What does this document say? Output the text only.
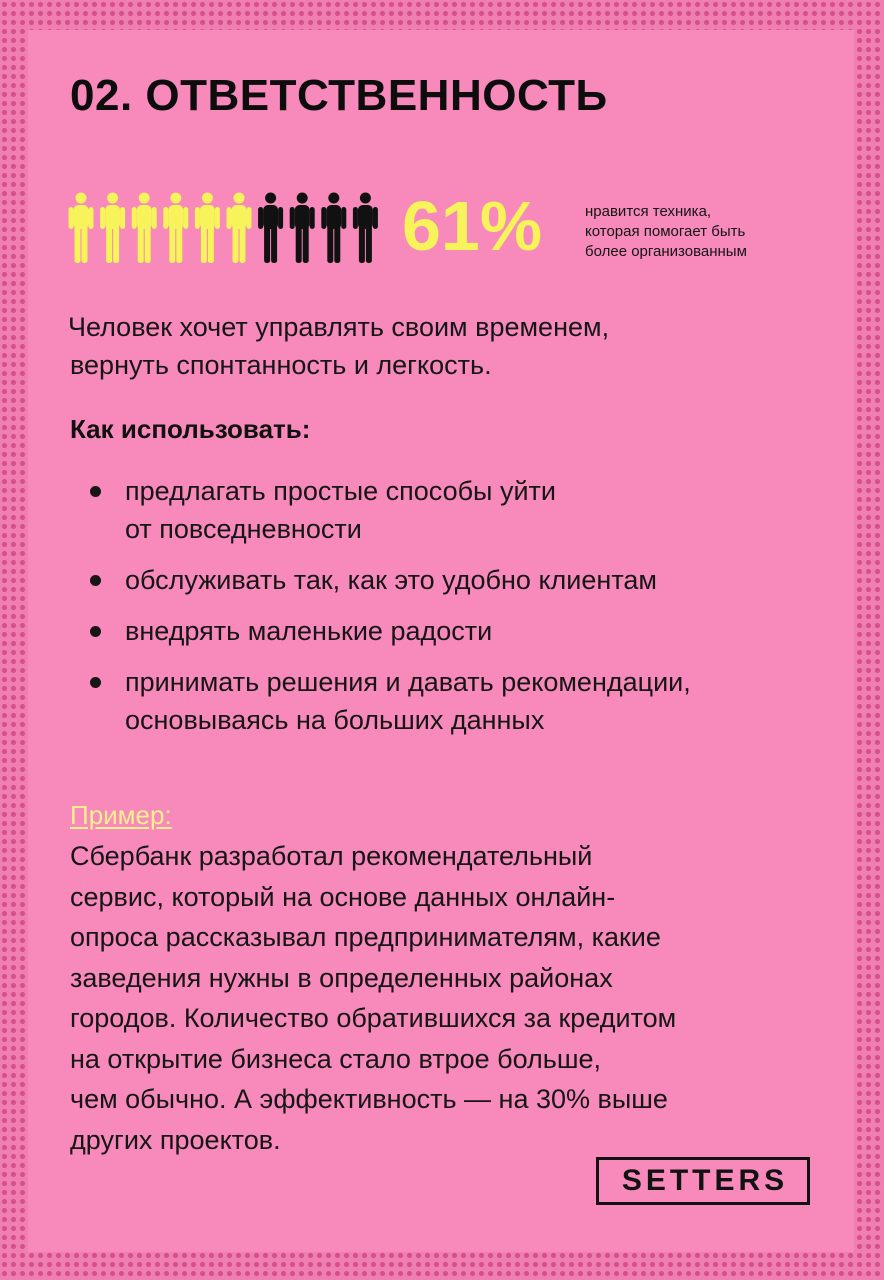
02. ОТВЕТСТВЕННОСТЬ
61%	нравится техника,
которая помогает быть
более организованным
Человек хочет управлять своим временем,
вернуть спонтанность и легкость.
Как использовать:
предлагать простые способы уйти
от повседневности
обслуживать так, как это удобно клиентам
внедрять маленькие радости
принимать решения и давать рекомендации,
основываясь на больших данных
Пример:
Сбербанк разработал рекомендательный
сервис, который на основе данных онлайн-
опроса рассказывал предпринимателям, какие
заведения нужны в определенных районах
городов. Количество обратившихся за кредитом
на открытие бизнеса стало втрое больше,
чем обычно. А эффективность — на 30% выше
других проектов.
SETTERS
